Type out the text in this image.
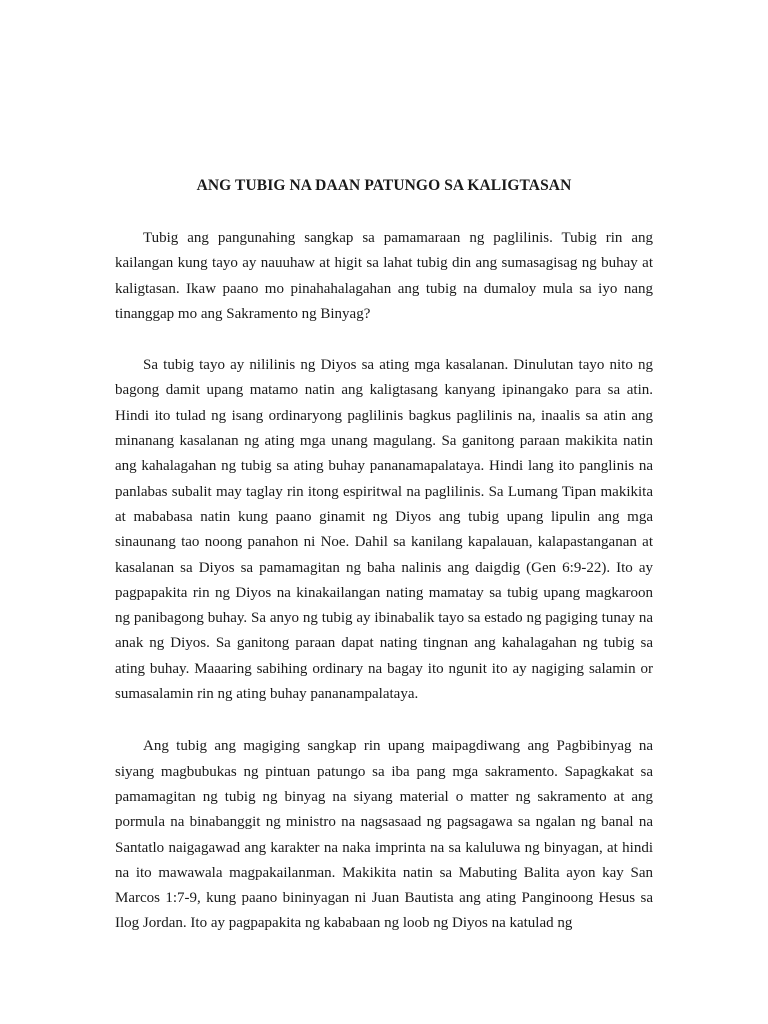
ANG TUBIG NA DAAN PATUNGO SA KALIGTASAN

Tubig ang pangunahing sangkap sa pamamaraan ng paglilinis. Tubig rin ang kailangan kung tayo ay nauuhaw at higit sa lahat tubig din ang sumasagisag ng buhay at kaligtasan. Ikaw paano mo pinahahalagahan ang tubig na dumaloy mula sa iyo nang tinanggap mo ang Sakramento ng Binyag?

Sa tubig tayo ay nililinis ng Diyos sa ating mga kasalanan. Dinulutan tayo nito ng bagong damit upang matamo natin ang kaligtasang kanyang ipinangako para sa atin. Hindi ito tulad ng isang ordinaryong paglilinis bagkus paglilinis na, inaalis sa atin ang minanang kasalanan ng ating mga unang magulang. Sa ganitong paraan makikita natin ang kahalagahan ng tubig sa ating buhay pananamapalataya. Hindi lang ito panglinis na panlabas subalit may taglay rin itong espiritwal na paglilinis. Sa Lumang Tipan makikita at mababasa natin kung paano ginamit ng Diyos ang tubig upang lipulin ang mga sinaunang tao noong panahon ni Noe. Dahil sa kanilang kapalauan, kalapastanganan at kasalanan sa Diyos sa pamamagitan ng baha nalinis ang daigdig (Gen 6:9-22). Ito ay pagpapakita rin ng Diyos na kinakailangan nating mamatay sa tubig upang magkaroon ng panibagong buhay. Sa anyo ng tubig ay ibinabalik tayo sa estado ng pagiging tunay na anak ng Diyos. Sa ganitong paraan dapat nating tingnan ang kahalagahan ng tubig sa ating buhay. Maaaring sabihing ordinary na bagay ito ngunit ito ay nagiging salamin or sumasalamin rin ng ating buhay pananampalataya.

Ang tubig ang magiging sangkap rin upang maipagdiwang ang Pagbibinyag na siyang magbubukas ng pintuan patungo sa iba pang mga sakramento. Sapagkakat sa pamamagitan ng tubig ng binyag na siyang material o matter ng sakramento at ang pormula na binabanggit ng ministro na nagsasaad ng pagsagawa sa ngalan ng banal na Santatlo naigagawad ang karakter na naka imprinta na sa kaluluwa ng binyagan, at hindi na ito mawawala magpakailanman. Makikita natin sa Mabuting Balita ayon kay San Marcos 1:7-9, kung paano bininyagan ni Juan Bautista ang ating Panginoong Hesus sa Ilog Jordan. Ito ay pagpapakita ng kababaan ng loob ng Diyos na katulad ng
